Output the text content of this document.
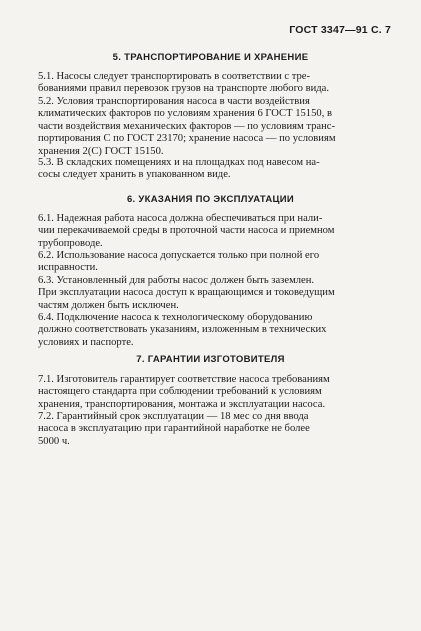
ГОСТ 3347—91 С. 7
5. ТРАНСПОРТИРОВАНИЕ И ХРАНЕНИЕ
5.1. Насосы следует транспортировать в соответствии с тре-
бованиями правил перевозок грузов на транспорте любого вида.
5.2. Условия транспортирования насоса в части воздействия
климатических факторов по условиям хранения 6 ГОСТ 15150, в
части воздействия механических факторов — по условиям транс-
портирования С по ГОСТ 23170; хранение насоса — по условиям
хранения 2(С) ГОСТ 15150.
5.3. В складских помещениях и на площадках под навесом на-
сосы следует хранить в упакованном виде.
6. УКАЗАНИЯ ПО ЭКСПЛУАТАЦИИ
6.1. Надежная работа насоса должна обеспечиваться при нали-
чии перекачиваемой среды в проточной части насоса и приемном
трубопроводе.
6.2. Использование насоса допускается только при полной его
исправности.
6.3. Установленный для работы насос должен быть заземлен.
При эксплуатации насоса доступ к вращающимся и токоведущим
частям должен быть исключен.
6.4. Подключение насоса к технологическому оборудованию
должно соответствовать указаниям, изложенным в технических
условиях и паспорте.
7. ГАРАНТИИ ИЗГОТОВИТЕЛЯ
7.1. Изготовитель гарантирует соответствие насоса требованиям
настоящего стандарта при соблюдении требований к условиям
хранения, транспортирования, монтажа и эксплуатации насоса.
7.2. Гарантийный срок эксплуатации — 18 мес со дня ввода
насоса в эксплуатацию при гарантийной наработке не более
5000 ч.
